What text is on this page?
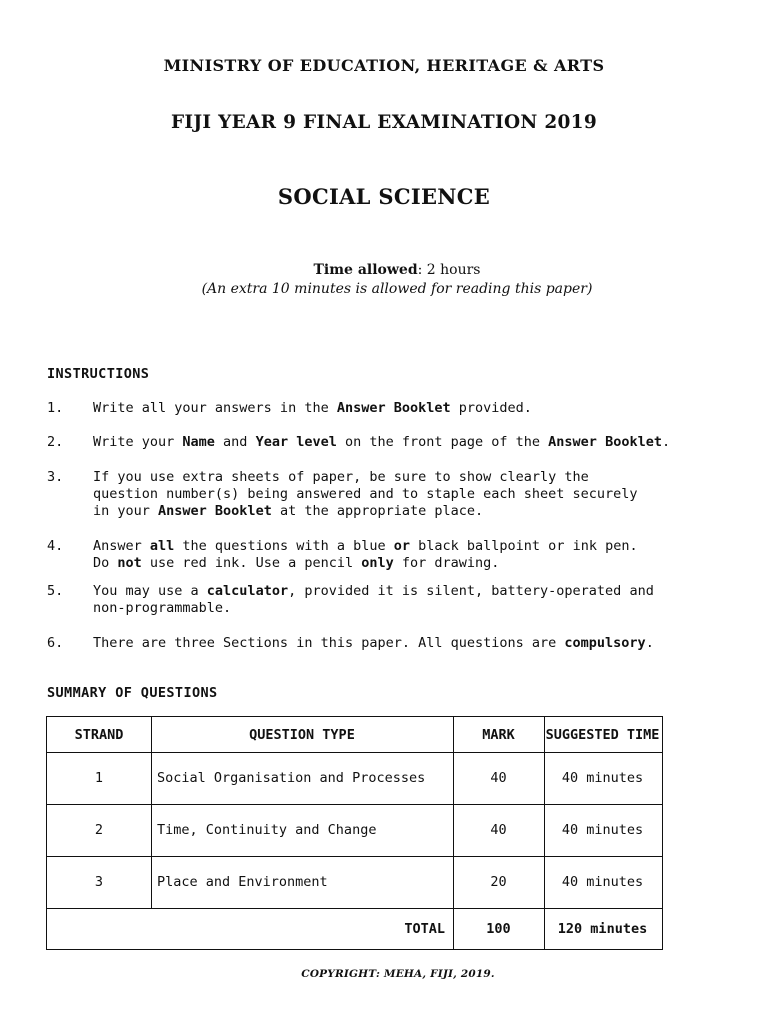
MINISTRY OF EDUCATION, HERITAGE & ARTS
FIJI YEAR 9 FINAL EXAMINATION 2019
SOCIAL SCIENCE
Time allowed: 2 hours
(An extra 10 minutes is allowed for reading this paper)
INSTRUCTIONS
1. Write all your answers in the Answer Booklet provided.
2. Write your Name and Year level on the front page of the Answer Booklet.
3. If you use extra sheets of paper, be sure to show clearly the question number(s) being answered and to staple each sheet securely in your Answer Booklet at the appropriate place.
4. Answer all the questions with a blue or black ballpoint or ink pen.
Do not use red ink. Use a pencil only for drawing.
5. You may use a calculator, provided it is silent, battery-operated and non-programmable.
6. There are three Sections in this paper. All questions are compulsory.
SUMMARY OF QUESTIONS
STRAND	QUESTION TYPE	MARK	SUGGESTED TIME
1	Social Organisation and Processes	40	40 minutes
2	Time, Continuity and Change	40	40 minutes
3	Place and Environment	20	40 minutes
TOTAL	100	120 minutes
COPYRIGHT: MEHA, FIJI, 2019.
